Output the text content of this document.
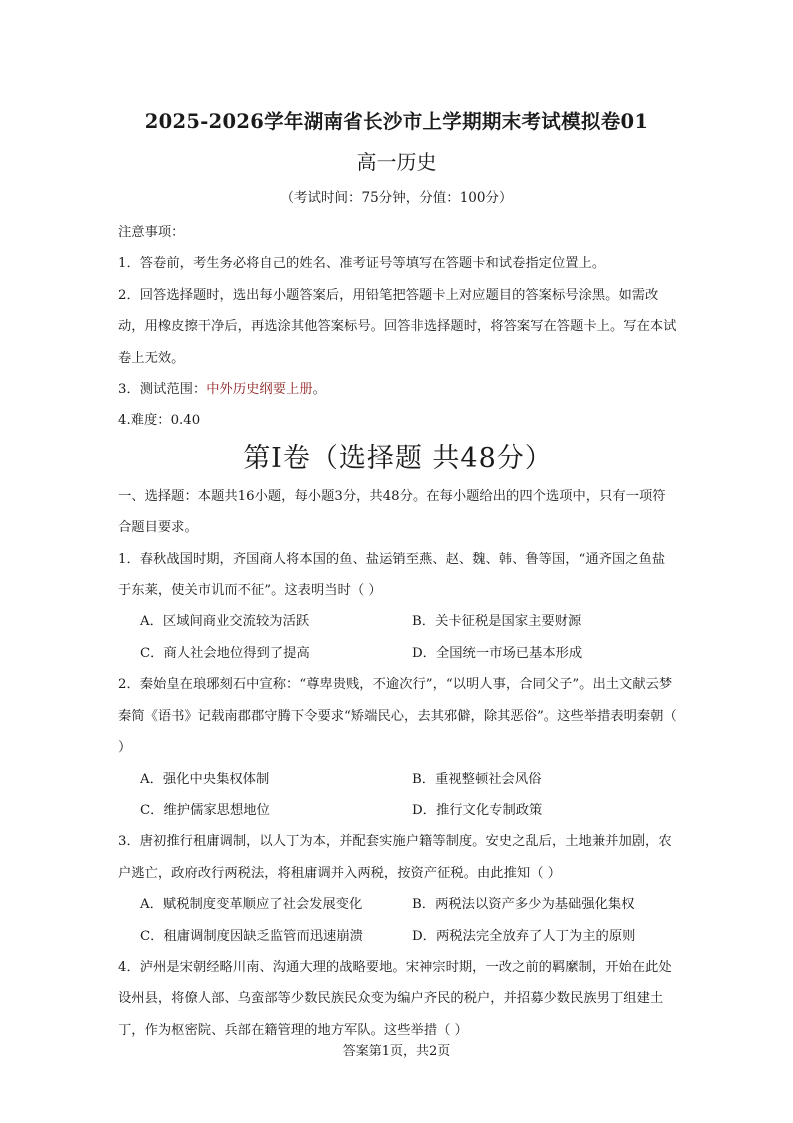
2025-2026学年湖南省长沙市上学期期末考试模拟卷01
高一历史
（考试时间：75分钟，分值：100分）

注意事项：

1．答卷前，考生务必将自己的姓名、准考证号等填写在答题卡和试卷指定位置上。

2．回答选择题时，选出每小题答案后，用铅笔把答题卡上对应题目的答案标号涂黑。如需改动，用橡皮擦干净后，再选涂其他答案标号。回答非选择题时，将答案写在答题卡上。写在本试卷上无效。

3．测试范围：中外历史纲要上册。

4.难度：0.40

第Ⅰ卷（选择题 共48分）

一、选择题：本题共16小题，每小题3分，共48分。在每小题给出的四个选项中，只有一项符合题目要求。

1．春秋战国时期，齐国商人将本国的鱼、盐运销至燕、赵、魏、韩、鲁等国，“通齐国之鱼盐于东莱，使关市讥而不征”。这表明当时（ ）

A．区域间商业交流较为活跃	B．关卡征税是国家主要财源
C．商人社会地位得到了提高	D．全国统一市场已基本形成

2．秦始皇在琅琊刻石中宣称：“尊卑贵贱，不逾次行”，“以明人事，合同父子”。出土文献云梦秦简《语书》记载南郡郡守腾下令要求“矫端民心，去其邪僻，除其恶俗”。这些举措表明秦朝（ ）

A．强化中央集权体制	B．重视整顿社会风俗
C．维护儒家思想地位	D．推行文化专制政策

3．唐初推行租庸调制，以人丁为本，并配套实施户籍等制度。安史之乱后，土地兼并加剧，农户逃亡，政府改行两税法，将租庸调并入两税，按资产征税。由此推知（ ）

A．赋税制度变革顺应了社会发展变化	B．两税法以资产多少为基础强化集权
C．租庸调制度因缺乏监管而迅速崩溃	D．两税法完全放弃了人丁为主的原则

4．泸州是宋朝经略川南、沟通大理的战略要地。宋神宗时期，一改之前的羁縻制，开始在此处设州县，将僚人部、乌蛮部等少数民族民众变为编户齐民的税户，并招募少数民族男丁组建土丁，作为枢密院、兵部在籍管理的地方军队。这些举措（ ）

答案第1页，共2页
